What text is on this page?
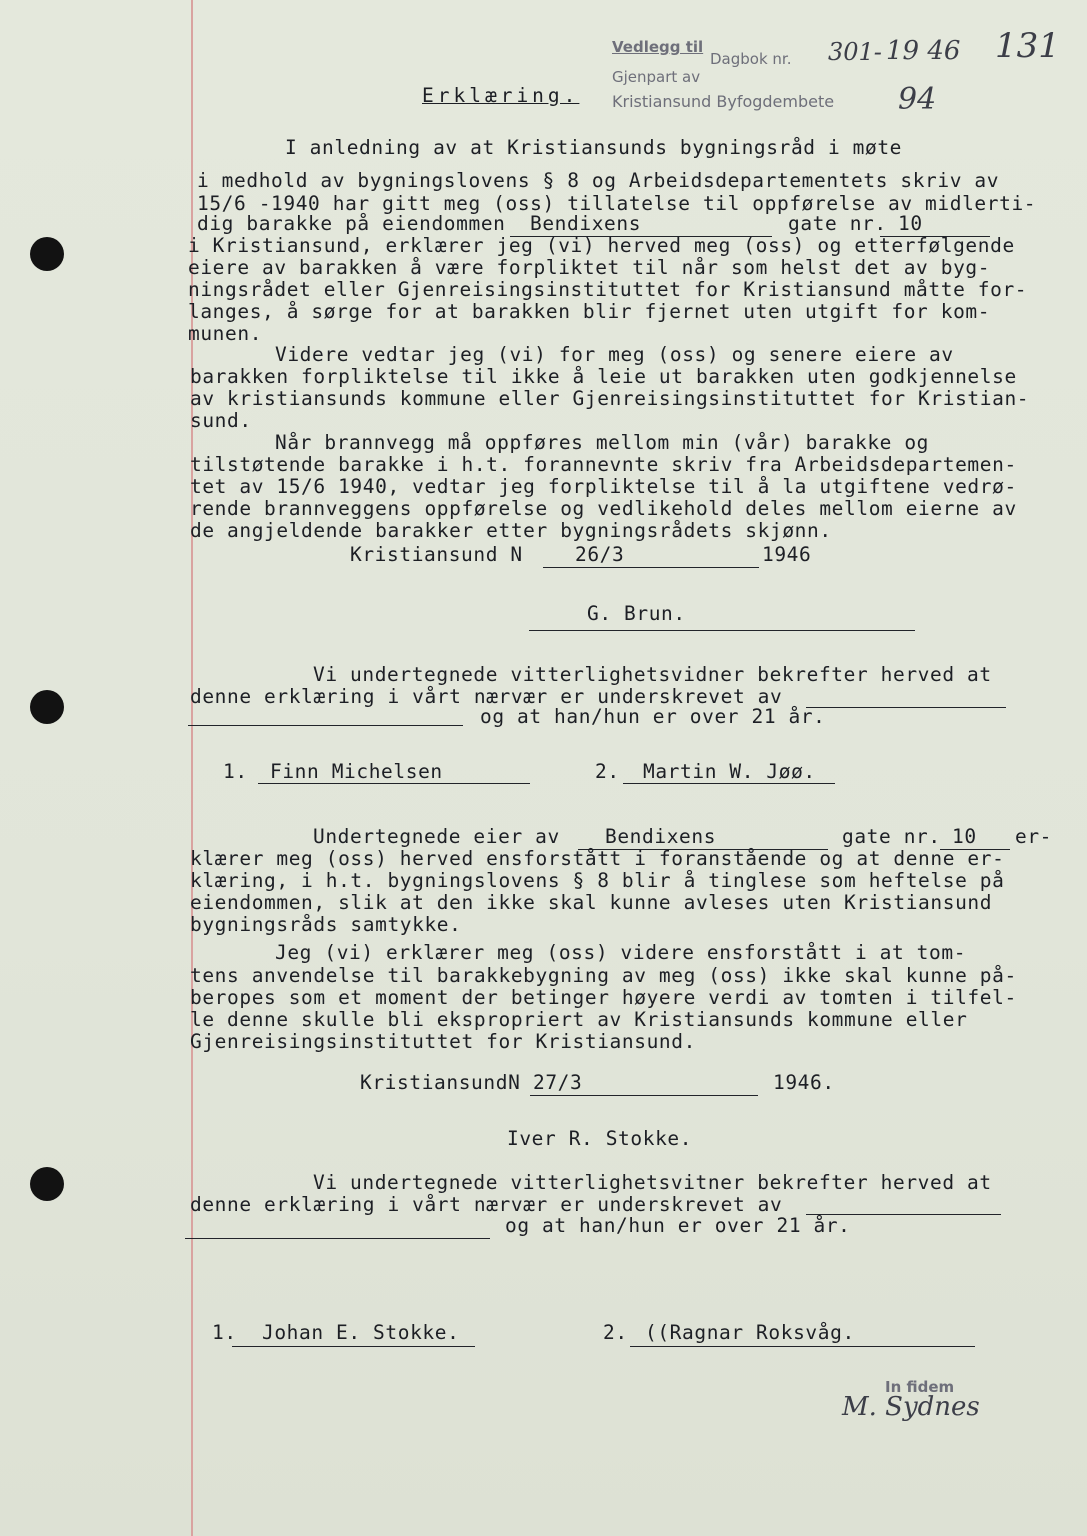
Vedlegg til
Dagbok nr. 301- 19 46 131
Gjenpart av
Kristiansund Byfogdembete 94
Erklæring.
I anledning av at Kristiansunds bygningsråd i møte
i medhold av bygningslovens § 8 og Arbeidsdepartementets skriv av
15/6 -1940 har gitt meg (oss) tillatelse til oppførelse av midlerti-
dig barakke på eiendommen Bendixens	gate nr. 10
i Kristiansund, erklærer jeg (vi) herved meg (oss) og etterfølgende
eiere av barakken å være forpliktet til når som helst det av byg-
ningsrådet eller Gjenreisingsinstituttet for Kristiansund måtte for-
langes, å sørge for at barakken blir fjernet uten utgift for kom-
munen.
Videre vedtar jeg (vi) for meg (oss) og senere eiere av
barakken forpliktelse til ikke å leie ut barakken uten godkjennelse
av kristiansunds kommune eller Gjenreisingsinstituttet for Kristian-
sund.
Når brannvegg må oppføres mellom min (vår) barakke og
tilstøtende barakke i h.t. forannevnte skriv fra Arbeidsdepartemen-
tet av 15/6 1940, vedtar jeg forpliktelse til å la utgiftene vedrø-
rende brannveggens oppførelse og vedlikehold deles mellom eierne av
de angjeldende barakker etter bygningsrådets skjønn.
Kristiansund N	26/3	1946
G. Brun.
Vi undertegnede vitterlighetsvidner bekrefter herved at
denne erklæring i vårt nærvær er underskrevet av
og at han/hun er over 21 år.
1. Finn Michelsen	2. Martin W. Jøø.
Undertegnede eier av Bendixens	gate nr. 10 er-
klærer meg (oss) herved ensforstått i foranstående og at denne er-
klæring, i h.t. bygningslovens § 8 blir å tinglese som heftelse på
eiendommen, slik at den ikke skal kunne avleses uten Kristiansund
bygningsråds samtykke.
Jeg (vi) erklærer meg (oss) videre ensforstått i at tom-
tens anvendelse til barakkebygning av meg (oss) ikke skal kunne på-
beropes som et moment der betinger høyere verdi av tomten i tilfel-
le denne skulle bli ekspropriert av Kristiansunds kommune eller
Gjenreisingsinstituttet for Kristiansund.
KristiansundN 27/3	1946.
Iver R. Stokke.
Vi undertegnede vitterlighetsvitner bekrefter herved at
denne erklæring i vårt nærvær er underskrevet av
og at han/hun er over 21 år.
1. Johan E. Stokke.	2. ((Ragnar Roksvåg.
In fidem
M. Sydnes
